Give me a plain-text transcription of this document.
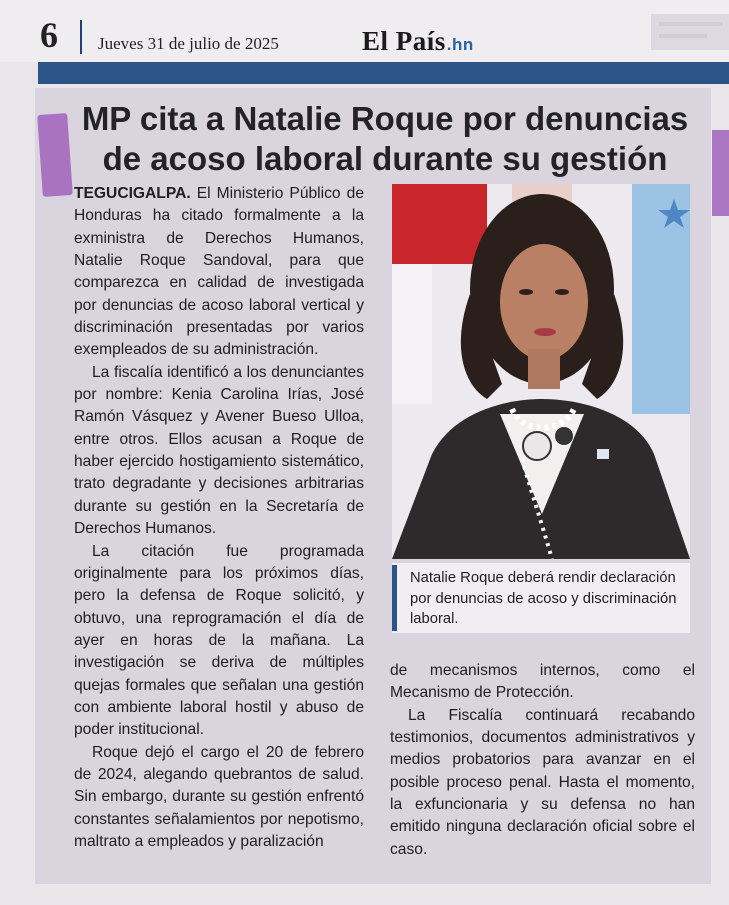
6 Jueves 31 de julio de 2025	El País.hn
MP cita a Natalie Roque por denuncias
de acoso laboral durante su gestión

TEGUCIGALPA. El Ministerio Público de Honduras ha citado formalmente a la exministra de Derechos Humanos, Natalie Roque Sandoval, para que comparezca en calidad de investigada por denuncias de acoso laboral vertical y discriminación presentadas por varios exempleados de su administración.

La fiscalía identificó a los denunciantes por nombre: Kenia Carolina Irías, José Ramón Vásquez y Avener Bueso Ulloa, entre otros. Ellos acusan a Roque de haber ejercido hostigamiento sistemático, trato degradante y decisiones arbitrarias durante su gestión en la Secretaría de Derechos Humanos.

La citación fue programada originalmente para los próximos días, pero la defensa de Roque solicitó, y obtuvo, una reprogramación el día de ayer en horas de la mañana. La investigación se deriva de múltiples quejas formales que señalan una gestión con ambiente laboral hostil y abuso de poder institucional.

Roque dejó el cargo el 20 de febrero de 2024, alegando quebrantos de salud. Sin embargo, durante su gestión enfrentó constantes señalamientos por nepotismo, maltrato a empleados y paralización

Natalie Roque deberá rendir declaración por denuncias de acoso y discriminación laboral.

de mecanismos internos, como el Mecanismo de Protección.

La Fiscalía continuará recabando testimonios, documentos administrativos y medios probatorios para avanzar en el posible proceso penal. Hasta el momento, la exfuncionaria y su defensa no han emitido ninguna declaración oficial sobre el caso.
